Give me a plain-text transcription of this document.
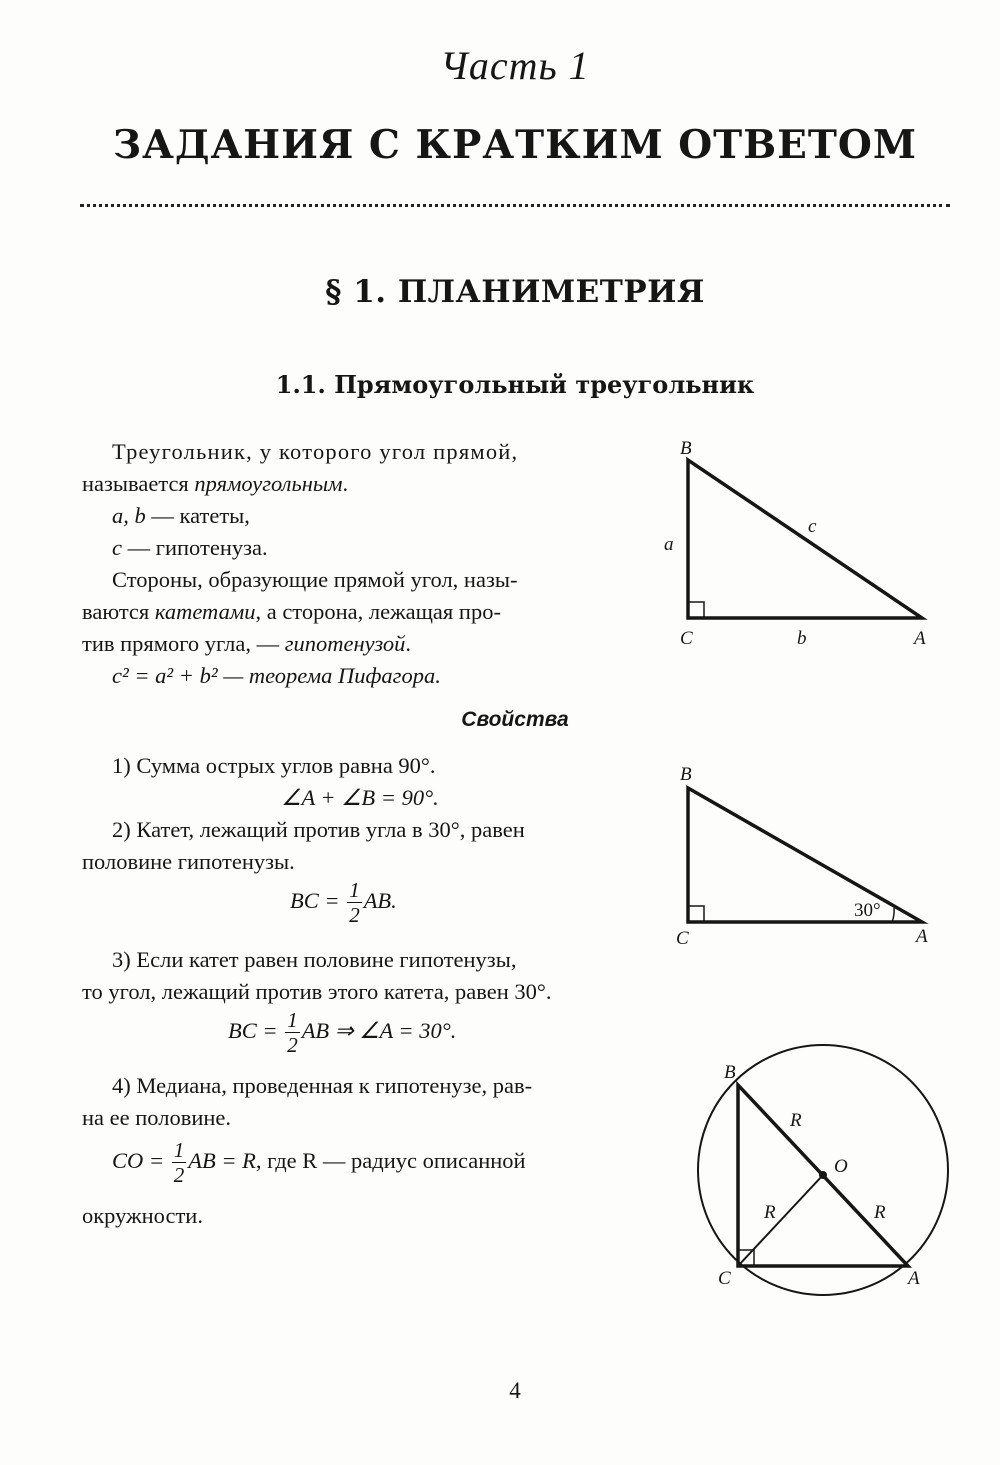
Часть 1
ЗАДАНИЯ С КРАТКИМ ОТВЕТОМ
§ 1. ПЛАНИМЕТРИЯ
1.1. Прямоугольный треугольник
Треугольник, у которого угол прямой,
называется прямоугольным.
a, b — катеты,
c — гипотенуза.
Стороны, образующие прямой угол, назы-
ваются катетами, а сторона, лежащая про-
тив прямого угла, — гипотенузой.
c² = a² + b² — теорема Пифагора.
Свойства
1) Сумма острых углов равна 90°.
∠A + ∠B = 90°.
2) Катет, лежащий против угла в 30°, равен
половине гипотенузы.
BC = $\frac{1}{2}$ AB.
3) Если катет равен половине гипотенузы,
то угол, лежащий против этого катета, равен 30°.
BC = $\frac{1}{2}$ AB ⇒ ∠A = 30°.
4) Медиана, проведенная к гипотенузе, рав-
на ее половине.
CO = $\frac{1}{2}$ AB = R, где R — радиус описанной
окружности.
B
C	A
a
b
c
B
C	A
30°
B
C	A
O
R
R	R
4
